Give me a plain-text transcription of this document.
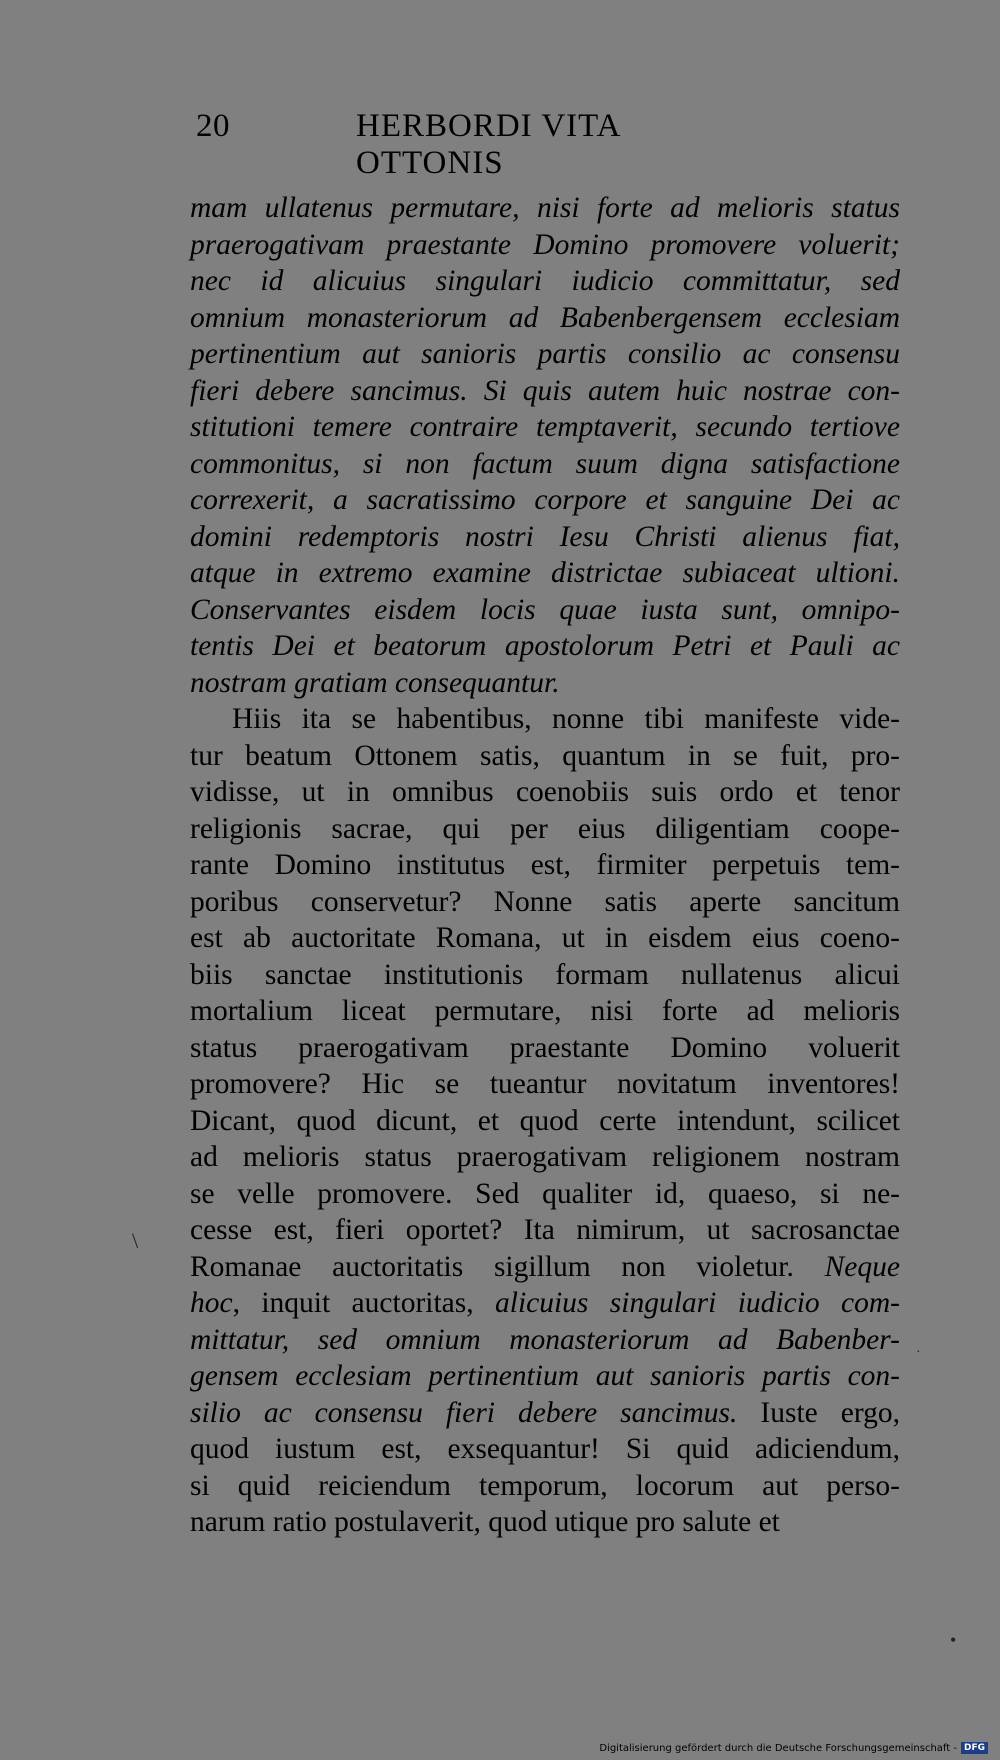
20	HERBORDI VITA OTTONIS
mam ullatenus permutare, nisi forte ad melioris status
praerogativam praestante Domino promovere voluerit;
nec id alicuius singulari iudicio committatur, sed
omnium monasteriorum ad Babenbergensem ecclesiam
pertinentium aut sanioris partis consilio ac consensu
fieri debere sancimus. Si quis autem huic nostrae con-
stitutioni temere contraire temptaverit, secundo tertiove
commonitus, si non factum suum digna satisfactione
correxerit, a sacratissimo corpore et sanguine Dei ac
domini redemptoris nostri Iesu Christi alienus fiat,
atque in extremo examine districtae subiaceat ultioni.
Conservantes eisdem locis quae iusta sunt, omnipo-
tentis Dei et beatorum apostolorum Petri et Pauli ac
nostram gratiam consequantur.
Hiis ita se habentibus, nonne tibi manifeste vide-
tur beatum Ottonem satis, quantum in se fuit, pro-
vidisse, ut in omnibus coenobiis suis ordo et tenor
religionis sacrae, qui per eius diligentiam coope-
rante Domino institutus est, firmiter perpetuis tem-
poribus conservetur? Nonne satis aperte sancitum
est ab auctoritate Romana, ut in eisdem eius coeno-
biis sanctae institutionis formam nullatenus alicui
mortalium liceat permutare, nisi forte ad melioris
status praerogativam praestante Domino voluerit
promovere? Hic se tueantur novitatum inventores!
Dicant, quod dicunt, et quod certe intendunt, scilicet
ad melioris status praerogativam religionem nostram
se velle promovere. Sed qualiter id, quaeso, si ne-
cesse est, fieri oportet? Ita nimirum, ut sacrosanctae
Romanae auctoritatis sigillum non violetur. Neque
hoc, inquit auctoritas, alicuius singulari iudicio com-
mittatur, sed omnium monasteriorum ad Babenber-
gensem ecclesiam pertinentium aut sanioris partis con-
silio ac consensu fieri debere sancimus. Iuste ergo,
quod iustum est, exsequantur! Si quid adiciendum,
si quid reiciendum temporum, locorum aut perso-
narum ratio postulaverit, quod utique pro salute et
\
·
•
Digitalisierung gefördert durch die Deutsche Forschungsgemeinschaft - DFG
